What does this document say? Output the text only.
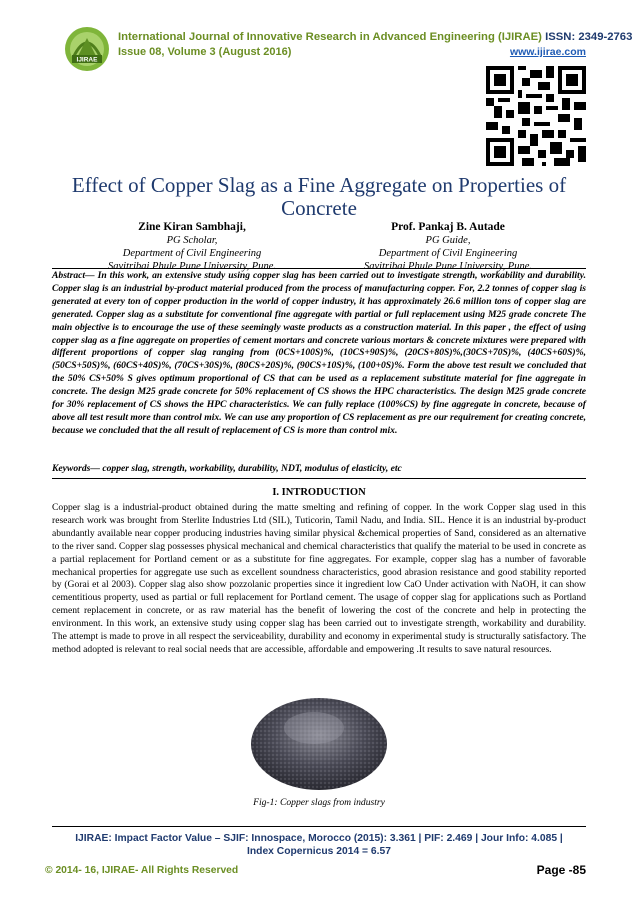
IJIRAE
International Journal of Innovative Research in Advanced Engineering (IJIRAE) ISSN: 2349-2763
Issue 08, Volume 3 (August 2016)	www.ijirae.com
Effect of Copper Slag as a Fine Aggregate on Properties of Concrete
Zine Kiran Sambhaji,
PG Scholar,
Department of Civil Engineering
Savitribai Phule Pune University, Pune.
Prof. Pankaj B. Autade
PG Guide,
Department of Civil Engineering
Savitribai Phule Pune University, Pune.
Abstract— In this work, an extensive study using copper slag has been carried out to investigate strength, workability and durability. Copper slag is an industrial by-product material produced from the process of manufacturing copper. For, 2.2 tonnes of copper slag is generated at every ton of copper production in the world of copper industry, it has approximately 26.6 million tons of copper slag are generated. Copper slag as a substitute for conventional fine aggregate with partial or full replacement using M25 grade concrete The main objective is to encourage the use of these seemingly waste products as a construction material. In this paper , the effect of using copper slag as a fine aggregate on properties of cement mortars and concrete various mortars & concrete mixtures were prepared with different proportions of copper slag ranging from (0CS+100S)%, (10CS+90S)%, (20CS+80S)%,(30CS+70S)%, (40CS+60S)%, (50CS+50S)%, (60CS+40S)%, (70CS+30S)%, (80CS+20S)%, (90CS+10S)%, (100+0S)%. Form the above test result we concluded that the 50% CS+50% S gives optimum proportional of CS that can be used as a replacement substitute material for fine aggregate in concrete. The design M25 grade concrete for 50% replacement of CS shows the HPC characteristics. The design M25 grade concrete for 30% replacement of CS shows the HPC characteristics. We can fully replace (100%CS) by fine aggregate in concrete, because of above all test result more than control mix. We can use any proportion of CS replacement as pre our requirement for creating concrete, because we concluded that the all result of replacement of CS is more than control mix.
Keywords— copper slag, strength, workability, durability, NDT, modulus of elasticity, etc
I. INTRODUCTION
Copper slag is a industrial-product obtained during the matte smelting and refining of copper. In the work Copper slag used in this research work was brought from Sterlite Industries Ltd (SIL), Tuticorin, Tamil Nadu, and India. SIL. Hence it is an industrial by-product abundantly available near copper producing industries having similar physical &chemical properties of Sand, considered as an alternative to the river sand. Copper slag possesses physical mechanical and chemical characteristics that qualify the material to be used in concrete as a partial replacement for Portland cement or as a substitute for fine aggregates. For example, copper slag has a number of favorable mechanical properties for aggregate use such as excellent soundness characteristics, good abrasion resistance and good stability reported by (Gorai et al 2003). Copper slag also show pozzolanic properties since it ingredient low CaO Under activation with NaOH, it can show cementitious property, used as partial or full replacement for Portland cement. The usage of copper slag for applications such as Portland cement replacement in concrete, or as raw material has the benefit of lowering the cost of the concrete and help in protecting the environment. In this work, an extensive study using copper slag has been carried out to investigate strength, workability and durability. The attempt is made to prove in all respect the serviceability, durability and economy in experimental study is structurally satisfactory. The method adopted is relevant to real social needs that are accessible, affordable and empowering .It results to save natural resources.
Fig-1: Copper slags from industry
IJIRAE: Impact Factor Value – SJIF: Innospace, Morocco (2015): 3.361 | PIF: 2.469 | Jour Info: 4.085 |
Index Copernicus 2014 = 6.57
© 2014- 16, IJIRAE- All Rights Reserved	Page -85
